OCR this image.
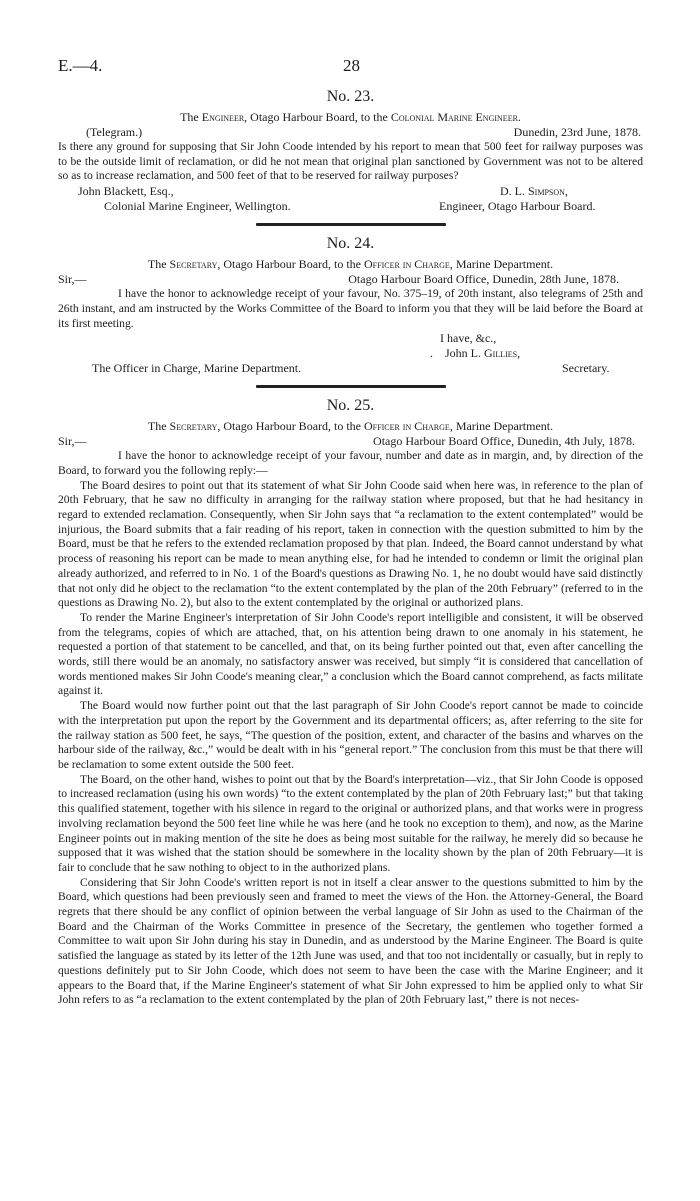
E.—4.	28
No. 23.
The Engineer, Otago Harbour Board, to the Colonial Marine Engineer.
(Telegram.)	Dunedin, 23rd June, 1878.

Is there any ground for supposing that Sir John Coode intended by his report to mean that 500 feet for railway purposes was to be the outside limit of reclamation, or did he not mean that original plan sanctioned by Government was not to be altered so as to increase reclamation, and 500 feet of that to be reserved for railway purposes?

John Blackett, Esq.,	D. L. Simpson,
Colonial Marine Engineer, Wellington.	Engineer, Otago Harbour Board.
No. 24.
The Secretary, Otago Harbour Board, to the Officer in Charge, Marine Department.
Sir,—	Otago Harbour Board Office, Dunedin, 28th June, 1878.

I have the honor to acknowledge receipt of your favour, No. 375–19, of 20th instant, also telegrams of 25th and 26th instant, and am instructed by the Works Committee of the Board to inform you that they will be laid before the Board at its first meeting.

I have, &c.,
.    John L. Gillies,
The Officer in Charge, Marine Department.	Secretary.
No. 25.
The Secretary, Otago Harbour Board, to the Officer in Charge, Marine Department.
Sir,—	Otago Harbour Board Office, Dunedin, 4th July, 1878.

I have the honor to acknowledge receipt of your favour, number and date as in margin, and, by direction of the Board, to forward you the following reply:—

The Board desires to point out that its statement of what Sir John Coode said when here was, in reference to the plan of 20th February, that he saw no difficulty in arranging for the railway station where proposed, but that he had hesitancy in regard to extended reclamation. Consequently, when Sir John says that “a reclamation to the extent contemplated” would be injurious, the Board submits that a fair reading of his report, taken in connection with the question submitted to him by the Board, must be that he refers to the extended reclamation proposed by that plan. Indeed, the Board cannot understand by what process of reasoning his report can be made to mean anything else, for had he intended to condemn or limit the original plan already authorized, and referred to in No. 1 of the Board's questions as Drawing No. 1, he no doubt would have said distinctly that not only did he object to the reclamation “to the extent contemplated by the plan of the 20th February” (referred to in the questions as Drawing No. 2), but also to the extent contemplated by the original or authorized plans.

To render the Marine Engineer's interpretation of Sir John Coode's report intelligible and consistent, it will be observed from the telegrams, copies of which are attached, that, on his attention being drawn to one anomaly in his statement, he requested a portion of that statement to be cancelled, and that, on its being further pointed out that, even after cancelling the words, still there would be an anomaly, no satisfactory answer was received, but simply “it is considered that cancellation of words mentioned makes Sir John Coode's meaning clear,” a conclusion which the Board cannot comprehend, as facts militate against it.

The Board would now further point out that the last paragraph of Sir John Coode's report cannot be made to coincide with the interpretation put upon the report by the Government and its departmental officers; as, after referring to the site for the railway station as 500 feet, he says, “The question of the position, extent, and character of the basins and wharves on the harbour side of the railway, &c.,” would be dealt with in his “general report.” The conclusion from this must be that there will be reclamation to some extent outside the 500 feet.

The Board, on the other hand, wishes to point out that by the Board's interpretation—viz., that Sir John Coode is opposed to increased reclamation (using his own words) “to the extent contemplated by the plan of 20th February last;” but that taking this qualified statement, together with his silence in regard to the original or authorized plans, and that works were in progress involving reclamation beyond the 500 feet line while he was here (and he took no exception to them), and now, as the Marine Engineer points out in making mention of the site he does as being most suitable for the railway, he merely did so because he supposed that it was wished that the station should be somewhere in the locality shown by the plan of 20th February—it is fair to conclude that he saw nothing to object to in the authorized plans.

Considering that Sir John Coode's written report is not in itself a clear answer to the questions submitted to him by the Board, which questions had been previously seen and framed to meet the views of the Hon. the Attorney-General, the Board regrets that there should be any conflict of opinion between the verbal language of Sir John as used to the Chairman of the Board and the Chairman of the Works Committee in presence of the Secretary, the gentlemen who together formed a Committee to wait upon Sir John during his stay in Dunedin, and as understood by the Marine Engineer. The Board is quite satisfied the language as stated by its letter of the 12th June was used, and that too not incidentally or casually, but in reply to questions definitely put to Sir John Coode, which does not seem to have been the case with the Marine Engineer; and it appears to the Board that, if the Marine Engineer's statement of what Sir John expressed to him be applied only to what Sir John refers to as “a reclamation to the extent contemplated by the plan of 20th February last,” there is not neces-
